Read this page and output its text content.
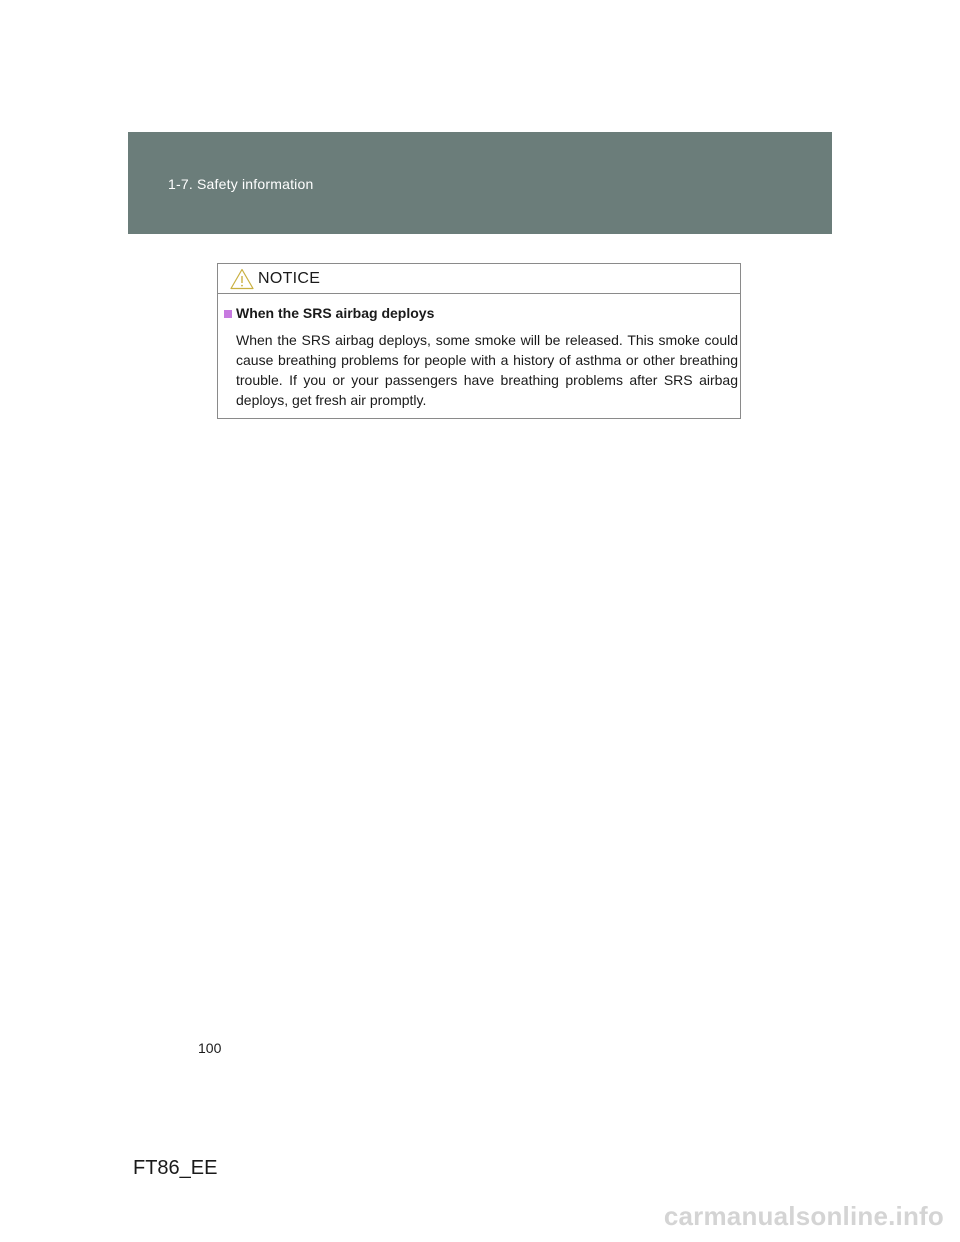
1-7. Safety information
NOTICE
When the SRS airbag deploys
When the SRS airbag deploys, some smoke will be released. This smoke could cause breathing problems for people with a history of asthma or other breathing trouble. If you or your passengers have breathing problems after SRS airbag deploys, get fresh air promptly.
100
FT86_EE
carmanualsonline.info
